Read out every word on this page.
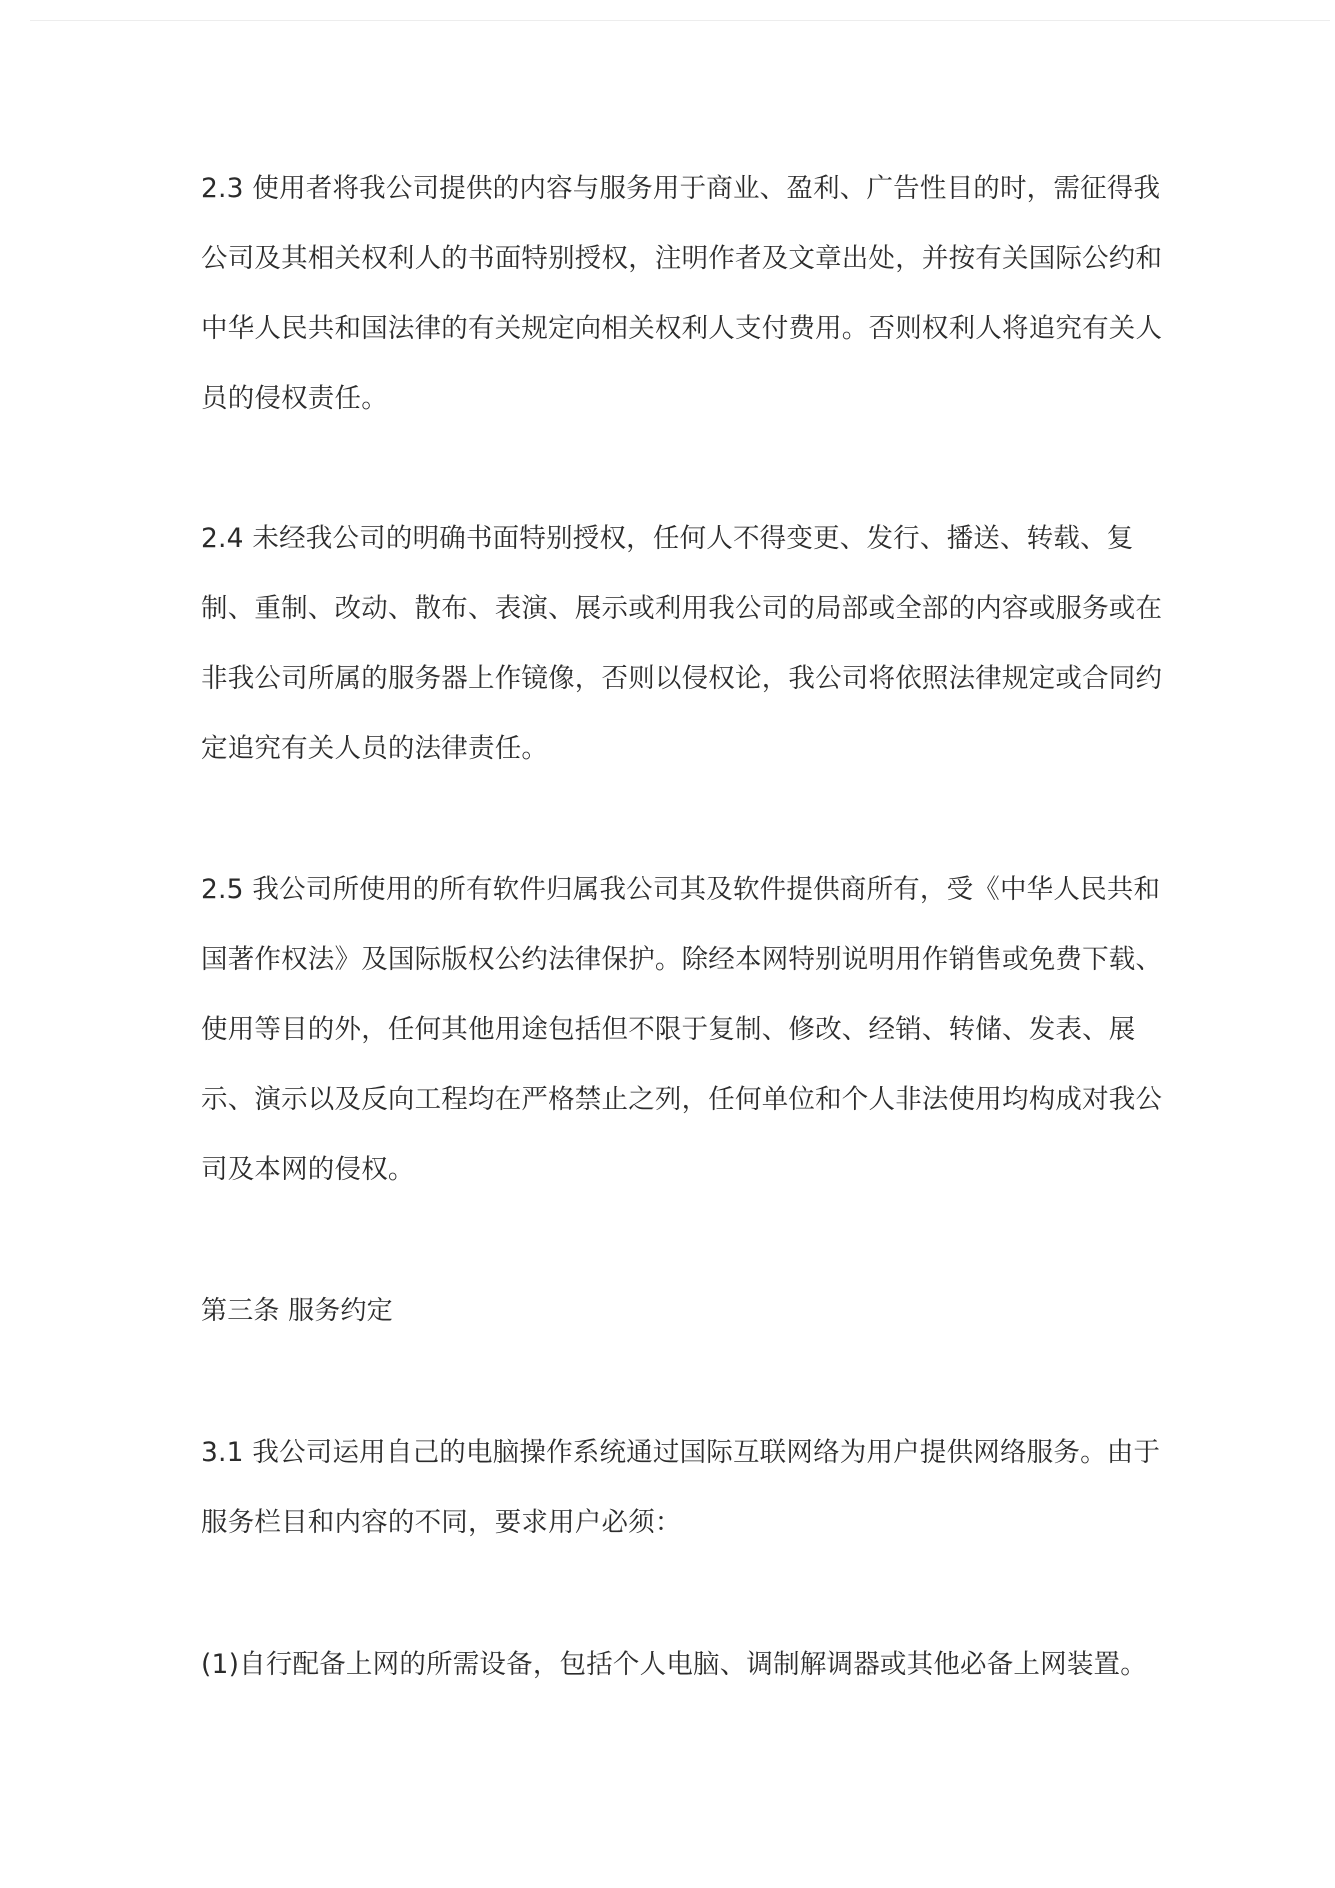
2.3 使用者将我公司提供的内容与服务用于商业、盈利、广告性目的时，需征得我
公司及其相关权利人的书面特别授权，注明作者及文章出处，并按有关国际公约和
中华人民共和国法律的有关规定向相关权利人支付费用。否则权利人将追究有关人
员的侵权责任。
2.4 未经我公司的明确书面特别授权，任何人不得变更、发行、播送、转载、复
制、重制、改动、散布、表演、展示或利用我公司的局部或全部的内容或服务或在
非我公司所属的服务器上作镜像，否则以侵权论，我公司将依照法律规定或合同约
定追究有关人员的法律责任。
2.5 我公司所使用的所有软件归属我公司其及软件提供商所有，受《中华人民共和
国著作权法》及国际版权公约法律保护。除经本网特别说明用作销售或免费下载、
使用等目的外，任何其他用途包括但不限于复制、修改、经销、转储、发表、展
示、演示以及反向工程均在严格禁止之列，任何单位和个人非法使用均构成对我公
司及本网的侵权。
第三条 服务约定
3.1 我公司运用自己的电脑操作系统通过国际互联网络为用户提供网络服务。由于
服务栏目和内容的不同，要求用户必须：
(1)自行配备上网的所需设备，包括个人电脑、调制解调器或其他必备上网装置。
